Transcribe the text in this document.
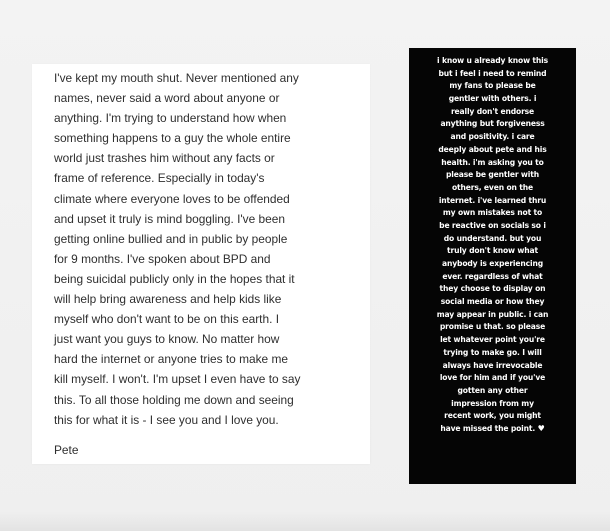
I've kept my mouth shut. Never mentioned any
names, never said a word about anyone or
anything. I'm trying to understand how when
something happens to a guy the whole entire
world just trashes him without any facts or
frame of reference. Especially in today's
climate where everyone loves to be offended
and upset it truly is mind boggling. I've been
getting online bullied and in public by people
for 9 months. I've spoken about BPD and
being suicidal publicly only in the hopes that it
will help bring awareness and help kids like
myself who don't want to be on this earth. I
just want you guys to know. No matter how
hard the internet or anyone tries to make me
kill myself. I won't. I'm upset I even have to say
this. To all those holding me down and seeing
this for what it is - I see you and I love you.

Pete

i know u already know this
but i feel i need to remind
my fans to please be
gentler with others. i
really don't endorse
anything but forgiveness
and positivity. i care
deeply about pete and his
health. i'm asking you to
please be gentler with
others, even on the
internet. i've learned thru
my own mistakes not to
be reactive on socials so i
do understand. but you
truly don't know what
anybody is experiencing
ever. regardless of what
they choose to display on
social media or how they
may appear in public. i can
promise u that. so please
let whatever point you're
trying to make go. I will
always have irrevocable
love for him and if you've
gotten any other
impression from my
recent work, you might
have missed the point. ♥
